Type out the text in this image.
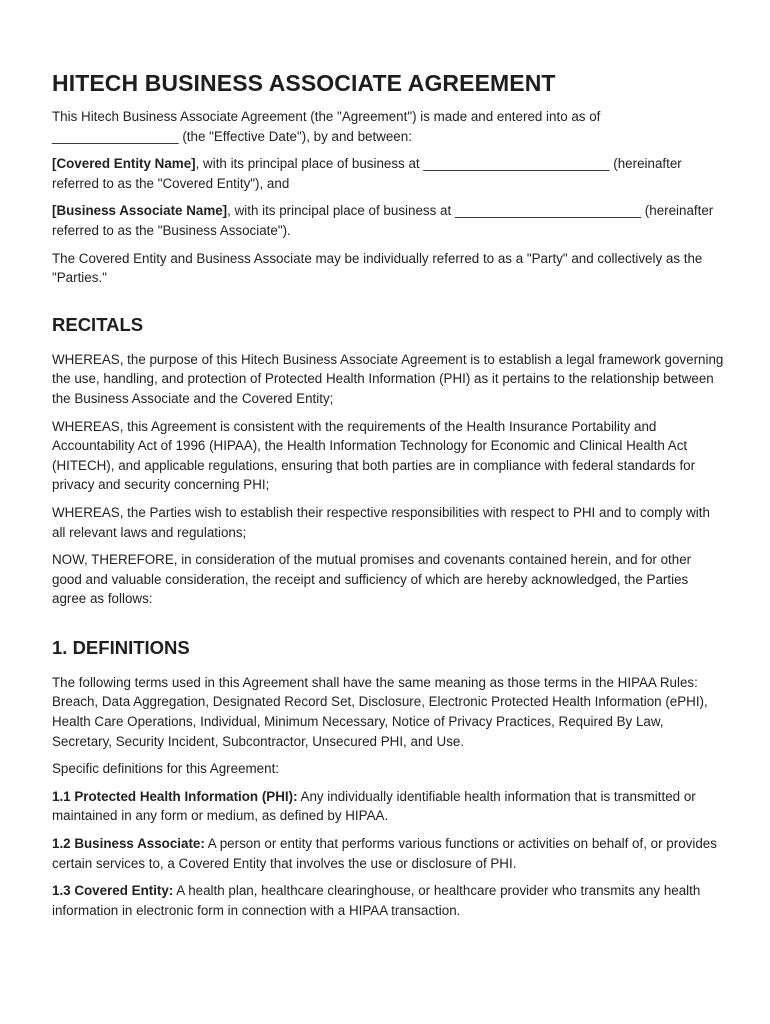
HITECH BUSINESS ASSOCIATE AGREEMENT

This Hitech Business Associate Agreement (the "Agreement") is made and entered into as of _________________ (the "Effective Date"), by and between:

[Covered Entity Name], with its principal place of business at _________________________ (hereinafter referred to as the "Covered Entity"), and

[Business Associate Name], with its principal place of business at _________________________ (hereinafter referred to as the "Business Associate").

The Covered Entity and Business Associate may be individually referred to as a "Party" and collectively as the "Parties."

RECITALS

WHEREAS, the purpose of this Hitech Business Associate Agreement is to establish a legal framework governing the use, handling, and protection of Protected Health Information (PHI) as it pertains to the relationship between the Business Associate and the Covered Entity;

WHEREAS, this Agreement is consistent with the requirements of the Health Insurance Portability and Accountability Act of 1996 (HIPAA), the Health Information Technology for Economic and Clinical Health Act (HITECH), and applicable regulations, ensuring that both parties are in compliance with federal standards for privacy and security concerning PHI;

WHEREAS, the Parties wish to establish their respective responsibilities with respect to PHI and to comply with all relevant laws and regulations;

NOW, THEREFORE, in consideration of the mutual promises and covenants contained herein, and for other good and valuable consideration, the receipt and sufficiency of which are hereby acknowledged, the Parties agree as follows:

1. DEFINITIONS

The following terms used in this Agreement shall have the same meaning as those terms in the HIPAA Rules: Breach, Data Aggregation, Designated Record Set, Disclosure, Electronic Protected Health Information (ePHI), Health Care Operations, Individual, Minimum Necessary, Notice of Privacy Practices, Required By Law, Secretary, Security Incident, Subcontractor, Unsecured PHI, and Use.

Specific definitions for this Agreement:

1.1 Protected Health Information (PHI): Any individually identifiable health information that is transmitted or maintained in any form or medium, as defined by HIPAA.

1.2 Business Associate: A person or entity that performs various functions or activities on behalf of, or provides certain services to, a Covered Entity that involves the use or disclosure of PHI.

1.3 Covered Entity: A health plan, healthcare clearinghouse, or healthcare provider who transmits any health information in electronic form in connection with a HIPAA transaction.
